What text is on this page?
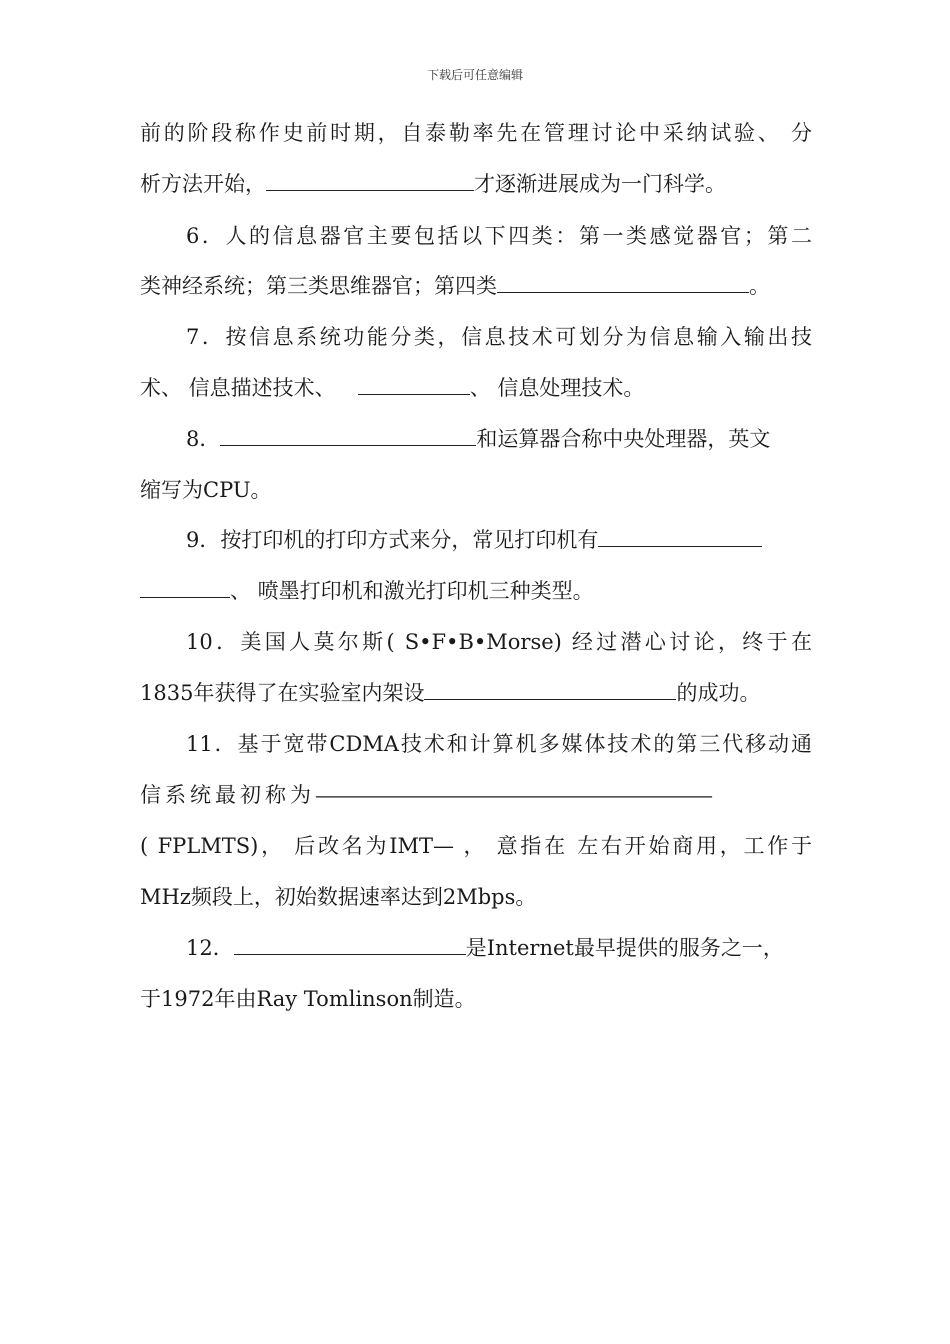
下载后可任意编辑
前的阶段称作史前时期，自泰勒率先在管理讨论中采纳试验、 分
析方法开始，	才逐渐进展成为一门科学。
6．人的信息器官主要包括以下四类：第一类感觉器官；第二
类神经系统；第三类思维器官；第四类	。
7．按信息系统功能分类，信息技术可划分为信息输入输出技
术、 信息描述技术、	、 信息处理技术。
8．	和运算器合称中央处理器，英文
缩写为CPU。
9．按打印机的打印方式来分，常见打印机有
、 喷墨打印机和激光打印机三种类型。
10．美国人莫尔斯( S•F•B•Morse) 经过潜心讨论，终于在
1835年获得了在实验室内架设	的成功。
11．基于宽带CDMA技术和计算机多媒体技术的第三代移动通
信系统最初称为——————————————————————
( FPLMTS)， 后改名为IMT— ， 意指在 左右开始商用，工作于
MHz频段上，初始数据速率达到2Mbps。
12．	是Internet最早提供的服务之一，
于1972年由Ray Tomlinson制造。
